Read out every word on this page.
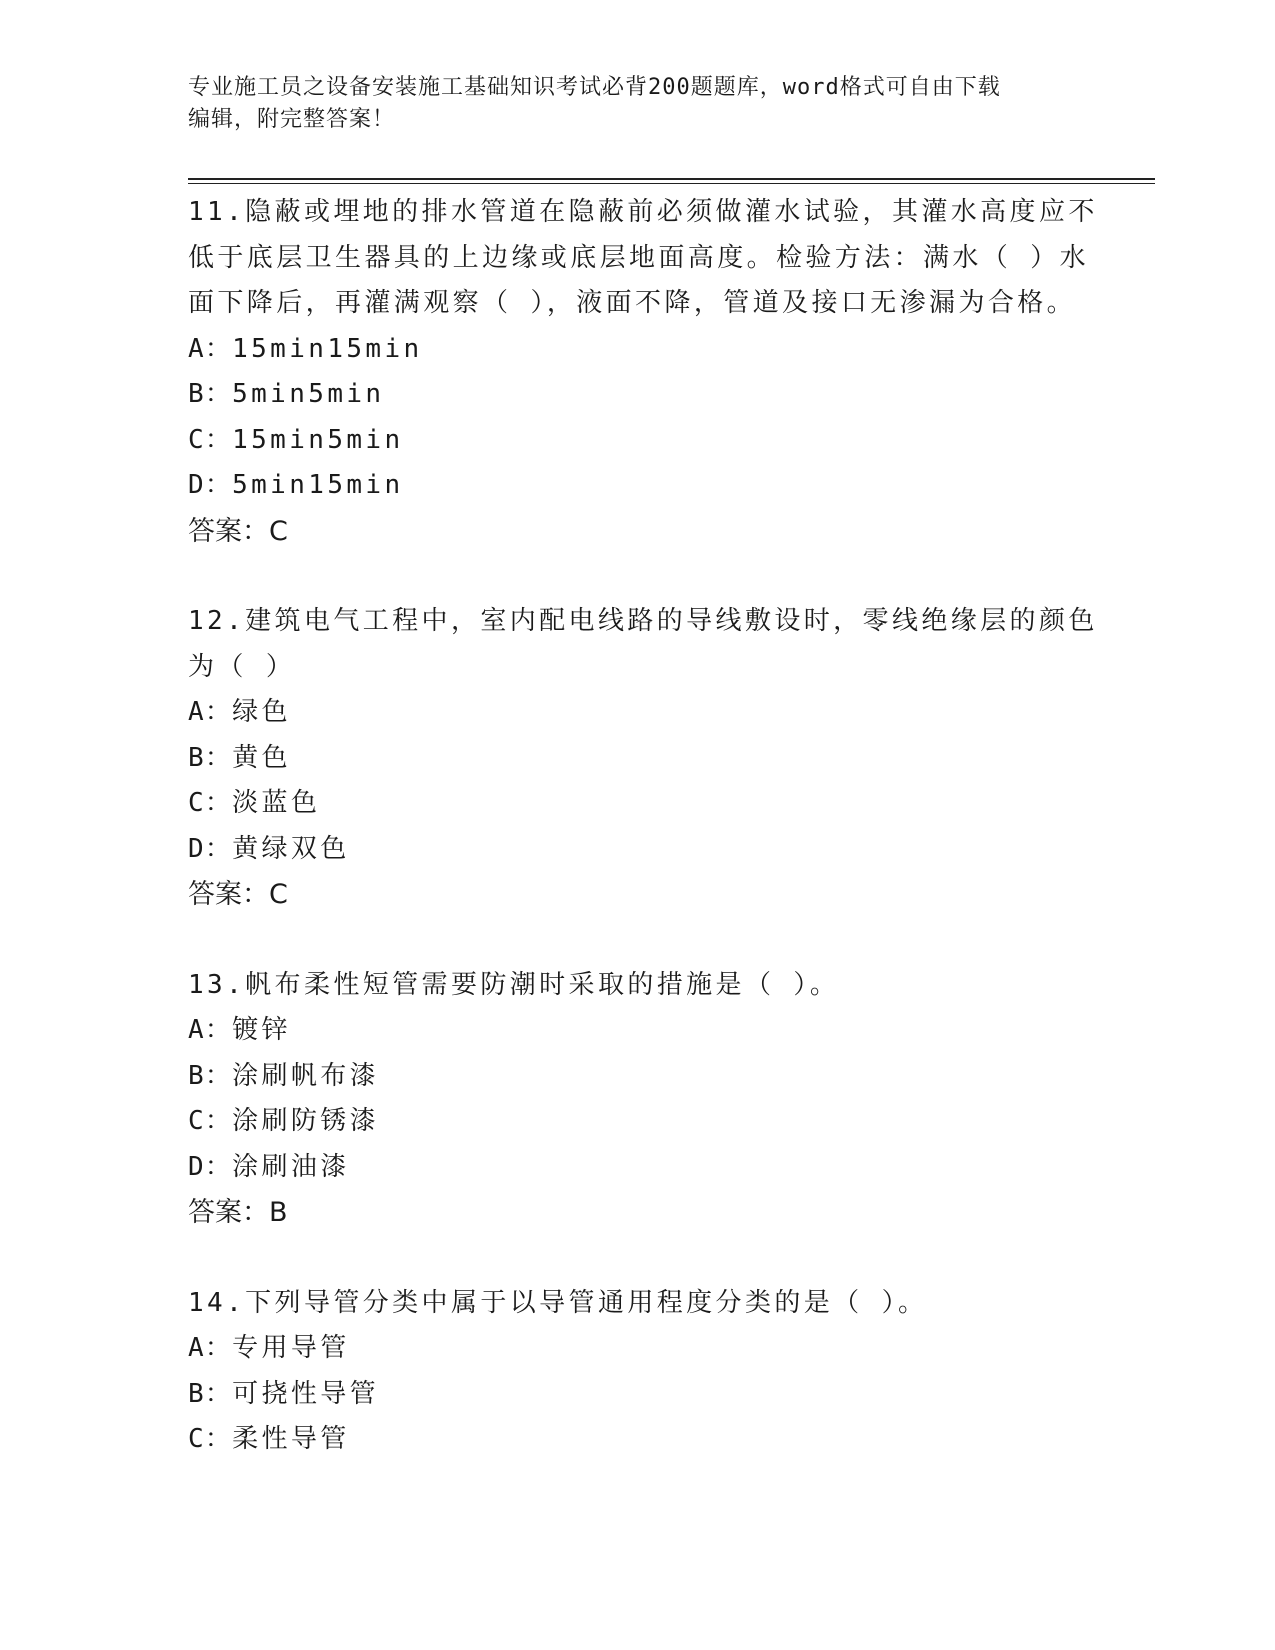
专业施工员之设备安装施工基础知识考试必背200题题库，word格式可自由下载
编辑，附完整答案！
11.隐蔽或埋地的排水管道在隐蔽前必须做灌水试验，其灌水高度应不
低于底层卫生器具的上边缘或底层地面高度。检验方法：满水（ ）水
面下降后，再灌满观察（ ），液面不降，管道及接口无渗漏为合格。
A：15min15min
B：5min5min
C：15min5min
D：5min15min
答案：C
12.建筑电气工程中，室内配电线路的导线敷设时，零线绝缘层的颜色
为（ ）
A：绿色
B：黄色
C：淡蓝色
D：黄绿双色
答案：C
13.帆布柔性短管需要防潮时采取的措施是（ ）。
A：镀锌
B：涂刷帆布漆
C：涂刷防锈漆
D：涂刷油漆
答案：B
14.下列导管分类中属于以导管通用程度分类的是（ ）。
A：专用导管
B：可挠性导管
C：柔性导管
